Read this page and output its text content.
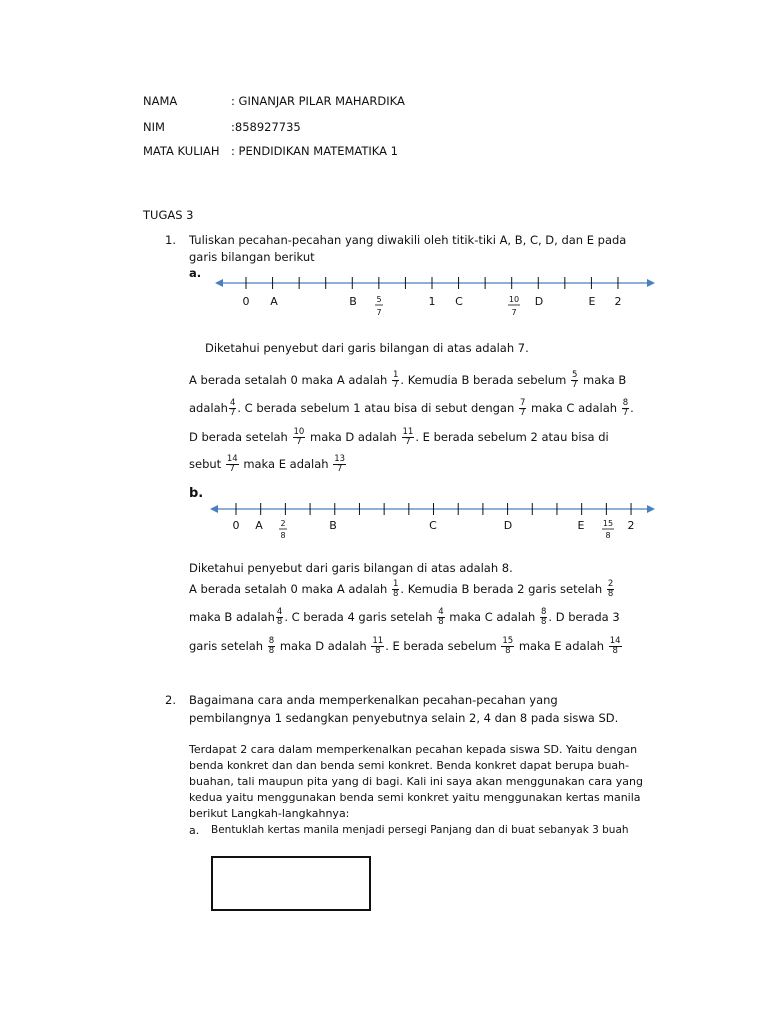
NAMA	: GINANJAR PILAR MAHARDIKA
NIM	:858927735
MATA KULIAH : PENDIDIKAN MATEMATIKA 1
TUGAS 3
1. Tuliskan pecahan-pecahan yang diwakili oleh titik-tiki A, B, C, D, dan E pada
garis bilangan berikut
a.
0 A	B 5
7
1 C	10
7
D	E 2
Diketahui penyebut dari garis bilangan di atas adalah 7.
A berada setalah 0 maka A adalah $\frac{1}{7}$ . Kemudia B berada sebelum $\frac{5}{7}$ maka B
adalah $\frac{4}{7}$ . C berada sebelum 1 atau bisa di sebut dengan $\frac{7}{7}$ maka C adalah $\frac{8}{7}$ .
D berada setelah $\frac{10}{7}$ maka D adalah $\frac{11}{7}$ . E berada sebelum 2 atau bisa di
sebut $\frac{14}{7}$ maka E adalah $\frac{13}{7}$
b.
0 A 2
8
B	C	D	E 15
8
2
Diketahui penyebut dari garis bilangan di atas adalah 8.
A berada setalah 0 maka A adalah $\frac{1}{8}$ . Kemudia B berada 2 garis setelah $\frac{2}{8}$
maka B adalah $\frac{4}{8}$ . C berada 4 garis setelah $\frac{4}{8}$ maka C adalah $\frac{8}{8}$ . D berada 3
garis setelah $\frac{8}{8}$ maka D adalah $\frac{11}{8}$ . E berada sebelum $\frac{15}{8}$ maka E adalah $\frac{14}{8}$
2. Bagaimana cara anda memperkenalkan pecahan-pecahan yang
pembilangnya 1 sedangkan penyebutnya selain 2, 4 dan 8 pada siswa SD.
Terdapat 2 cara dalam memperkenalkan pecahan kepada siswa SD. Yaitu dengan
benda konkret dan dan benda semi konkret. Benda konkret dapat berupa buah-
buahan, tali maupun pita yang di bagi. Kali ini saya akan menggunakan cara yang
kedua yaitu menggunakan benda semi konkret yaitu menggunakan kertas manila
berikut Langkah-langkahnya:
a. Bentuklah kertas manila menjadi persegi Panjang dan di buat sebanyak 3 buah
